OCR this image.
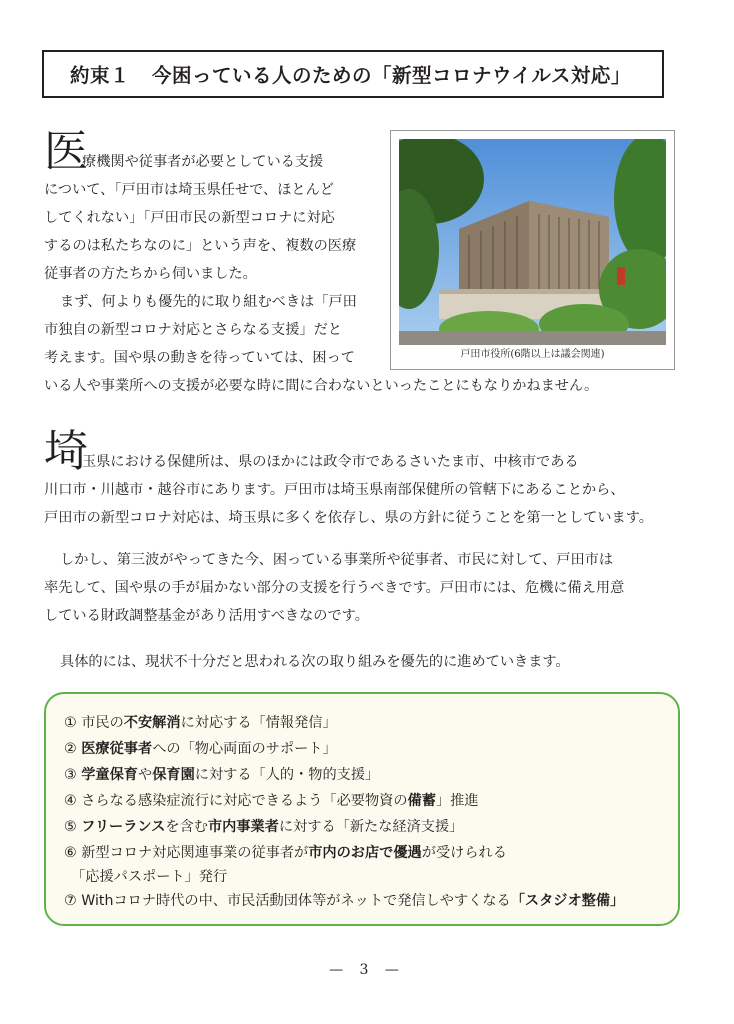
約束１ 今困っている人のための「新型コロナウイルス対応」
医
療機関や従事者が必要としている支援
について、「戸田市は埼玉県任せで、ほとんど
してくれない」「戸田市民の新型コロナに対応
するのは私たちなのに」という声を、複数の医療
従事者の方たちから伺いました。
まず、何よりも優先的に取り組むべきは「戸田
市独自の新型コロナ対応とさらなる支援」だと
考えます。国や県の動きを待っていては、困って
いる人や事業所への支援が必要な時に間に合わないといったことにもなりかねません。
戸田市役所(6階以上は議会関連)
埼
玉県における保健所は、県のほかには政令市であるさいたま市、中核市である
川口市・川越市・越谷市にあります。戸田市は埼玉県南部保健所の管轄下にあることから、
戸田市の新型コロナ対応は、埼玉県に多くを依存し、県の方針に従うことを第一としています。
しかし、第三波がやってきた今、困っている事業所や従事者、市民に対して、戸田市は
率先して、国や県の手が届かない部分の支援を行うべきです。戸田市には、危機に備え用意
している財政調整基金があり活用すべきなのです。
具体的には、現状不十分だと思われる次の取り組みを優先的に進めていきます。
① 市民の不安解消に対応する「情報発信」
② 医療従事者への「物心両面のサポート」
③ 学童保育や保育園に対する「人的・物的支援」
④ さらなる感染症流行に対応できるよう「必要物資の備蓄」推進
⑤ フリーランスを含む市内事業者に対する「新たな経済支援」
⑥ 新型コロナ対応関連事業の従事者が市内のお店で優遇が受けられる
　「応援パスポート」発行
⑦ Withコロナ時代の中、市民活動団体等がネットで発信しやすくなる「スタジオ整備」
— 3 —
